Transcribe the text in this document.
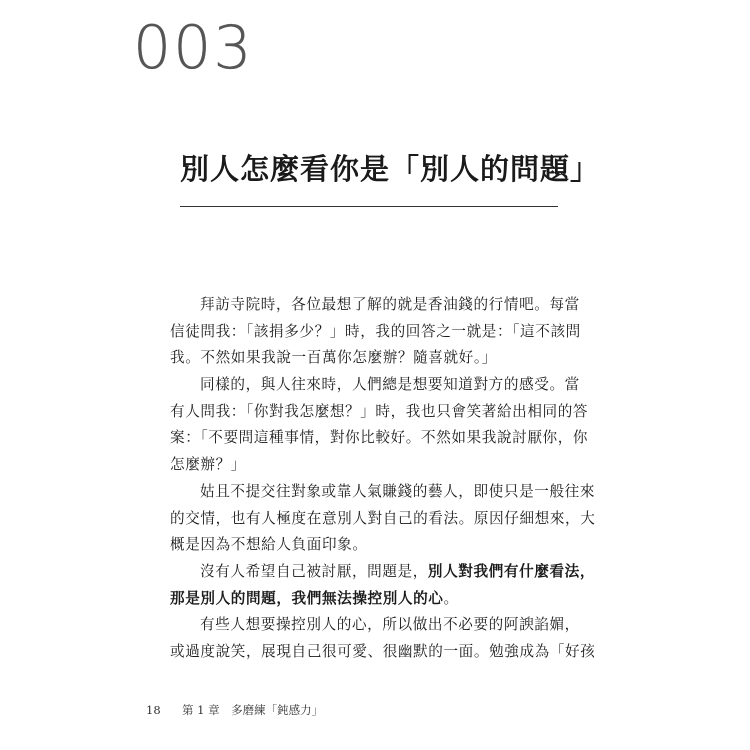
003
別人怎麼看你是「別人的問題」
拜訪寺院時，各位最想了解的就是香油錢的行情吧。每當
信徒問我：「該捐多少？」時，我的回答之一就是：「這不該問
我。不然如果我說一百萬你怎麼辦？隨喜就好。」
同樣的，與人往來時，人們總是想要知道對方的感受。當
有人問我：「你對我怎麼想？」時，我也只會笑著給出相同的答
案：「不要問這種事情，對你比較好。不然如果我說討厭你，你
怎麼辦？」
姑且不提交往對象或靠人氣賺錢的藝人，即使只是一般往來
的交情，也有人極度在意別人對自己的看法。原因仔細想來，大
概是因為不想給人負面印象。
沒有人希望自己被討厭，問題是，別人對我們有什麼看法，
那是別人的問題，我們無法操控別人的心。
有些人想要操控別人的心，所以做出不必要的阿諛諂媚，
或過度說笑，展現自己很可愛、很幽默的一面。勉強成為「好孩
18 第 1 章　多磨練「鈍感力」
